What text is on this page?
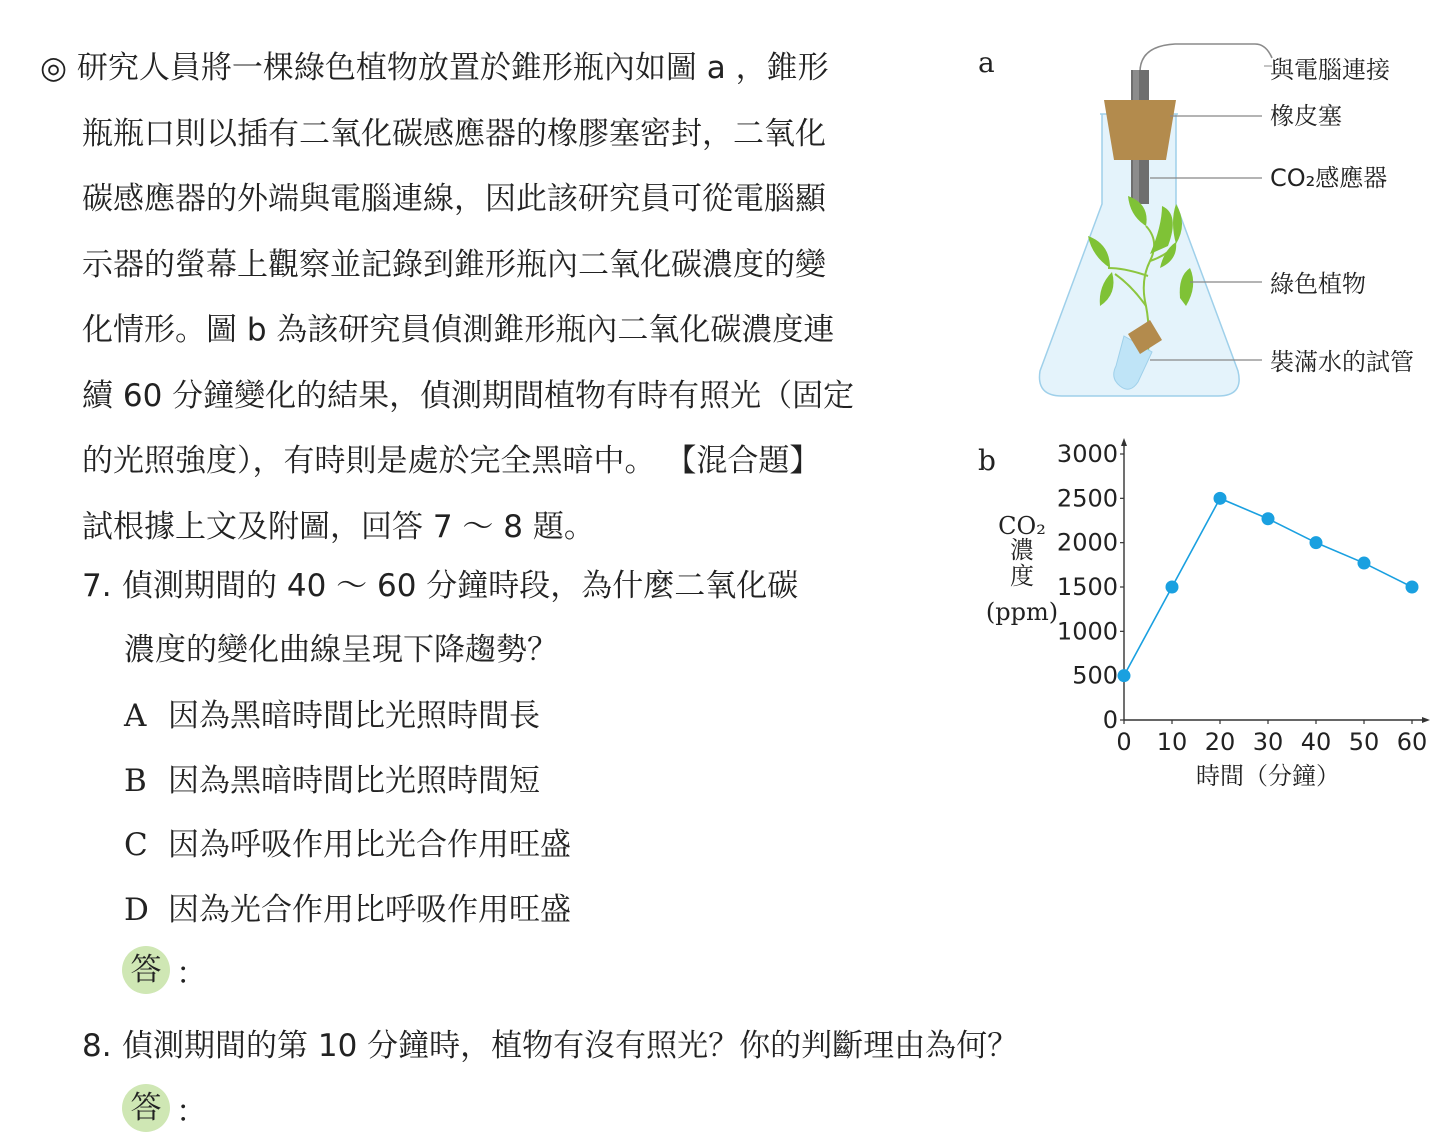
◎ 研究人員將一棵綠色植物放置於錐形瓶內如圖 a ，錐形
瓶瓶口則以插有二氧化碳感應器的橡膠塞密封，二氧化
碳感應器的外端與電腦連線，因此該研究員可從電腦顯
示器的螢幕上觀察並記錄到錐形瓶內二氧化碳濃度的變
化情形。圖 b 為該研究員偵測錐形瓶內二氧化碳濃度連
續 60 分鐘變化的結果，偵測期間植物有時有照光（固定
的光照強度），有時則是處於完全黑暗中。 【混合題】
試根據上文及附圖，回答 7 ～ 8 題。
7. 偵測期間的 40 ～ 60 分鐘時段，為什麼二氧化碳
濃度的變化曲線呈現下降趨勢？
A 因為黑暗時間比光照時間長
B 因為黑暗時間比光照時間短
C 因為呼吸作用比光合作用旺盛
D 因為光合作用比呼吸作用旺盛
答 ：
8. 偵測期間的第 10 分鐘時，植物有沒有照光？你的判斷理由為何？
答 ：
a	與電腦連接
橡皮塞
CO₂感應器
綠色植物
裝滿水的試管
b
CO₂
濃
度
(ppm)
時間（分鐘）
0
500
1000
1500
2000
2500
3000
0 10 20 30 40 50 60
